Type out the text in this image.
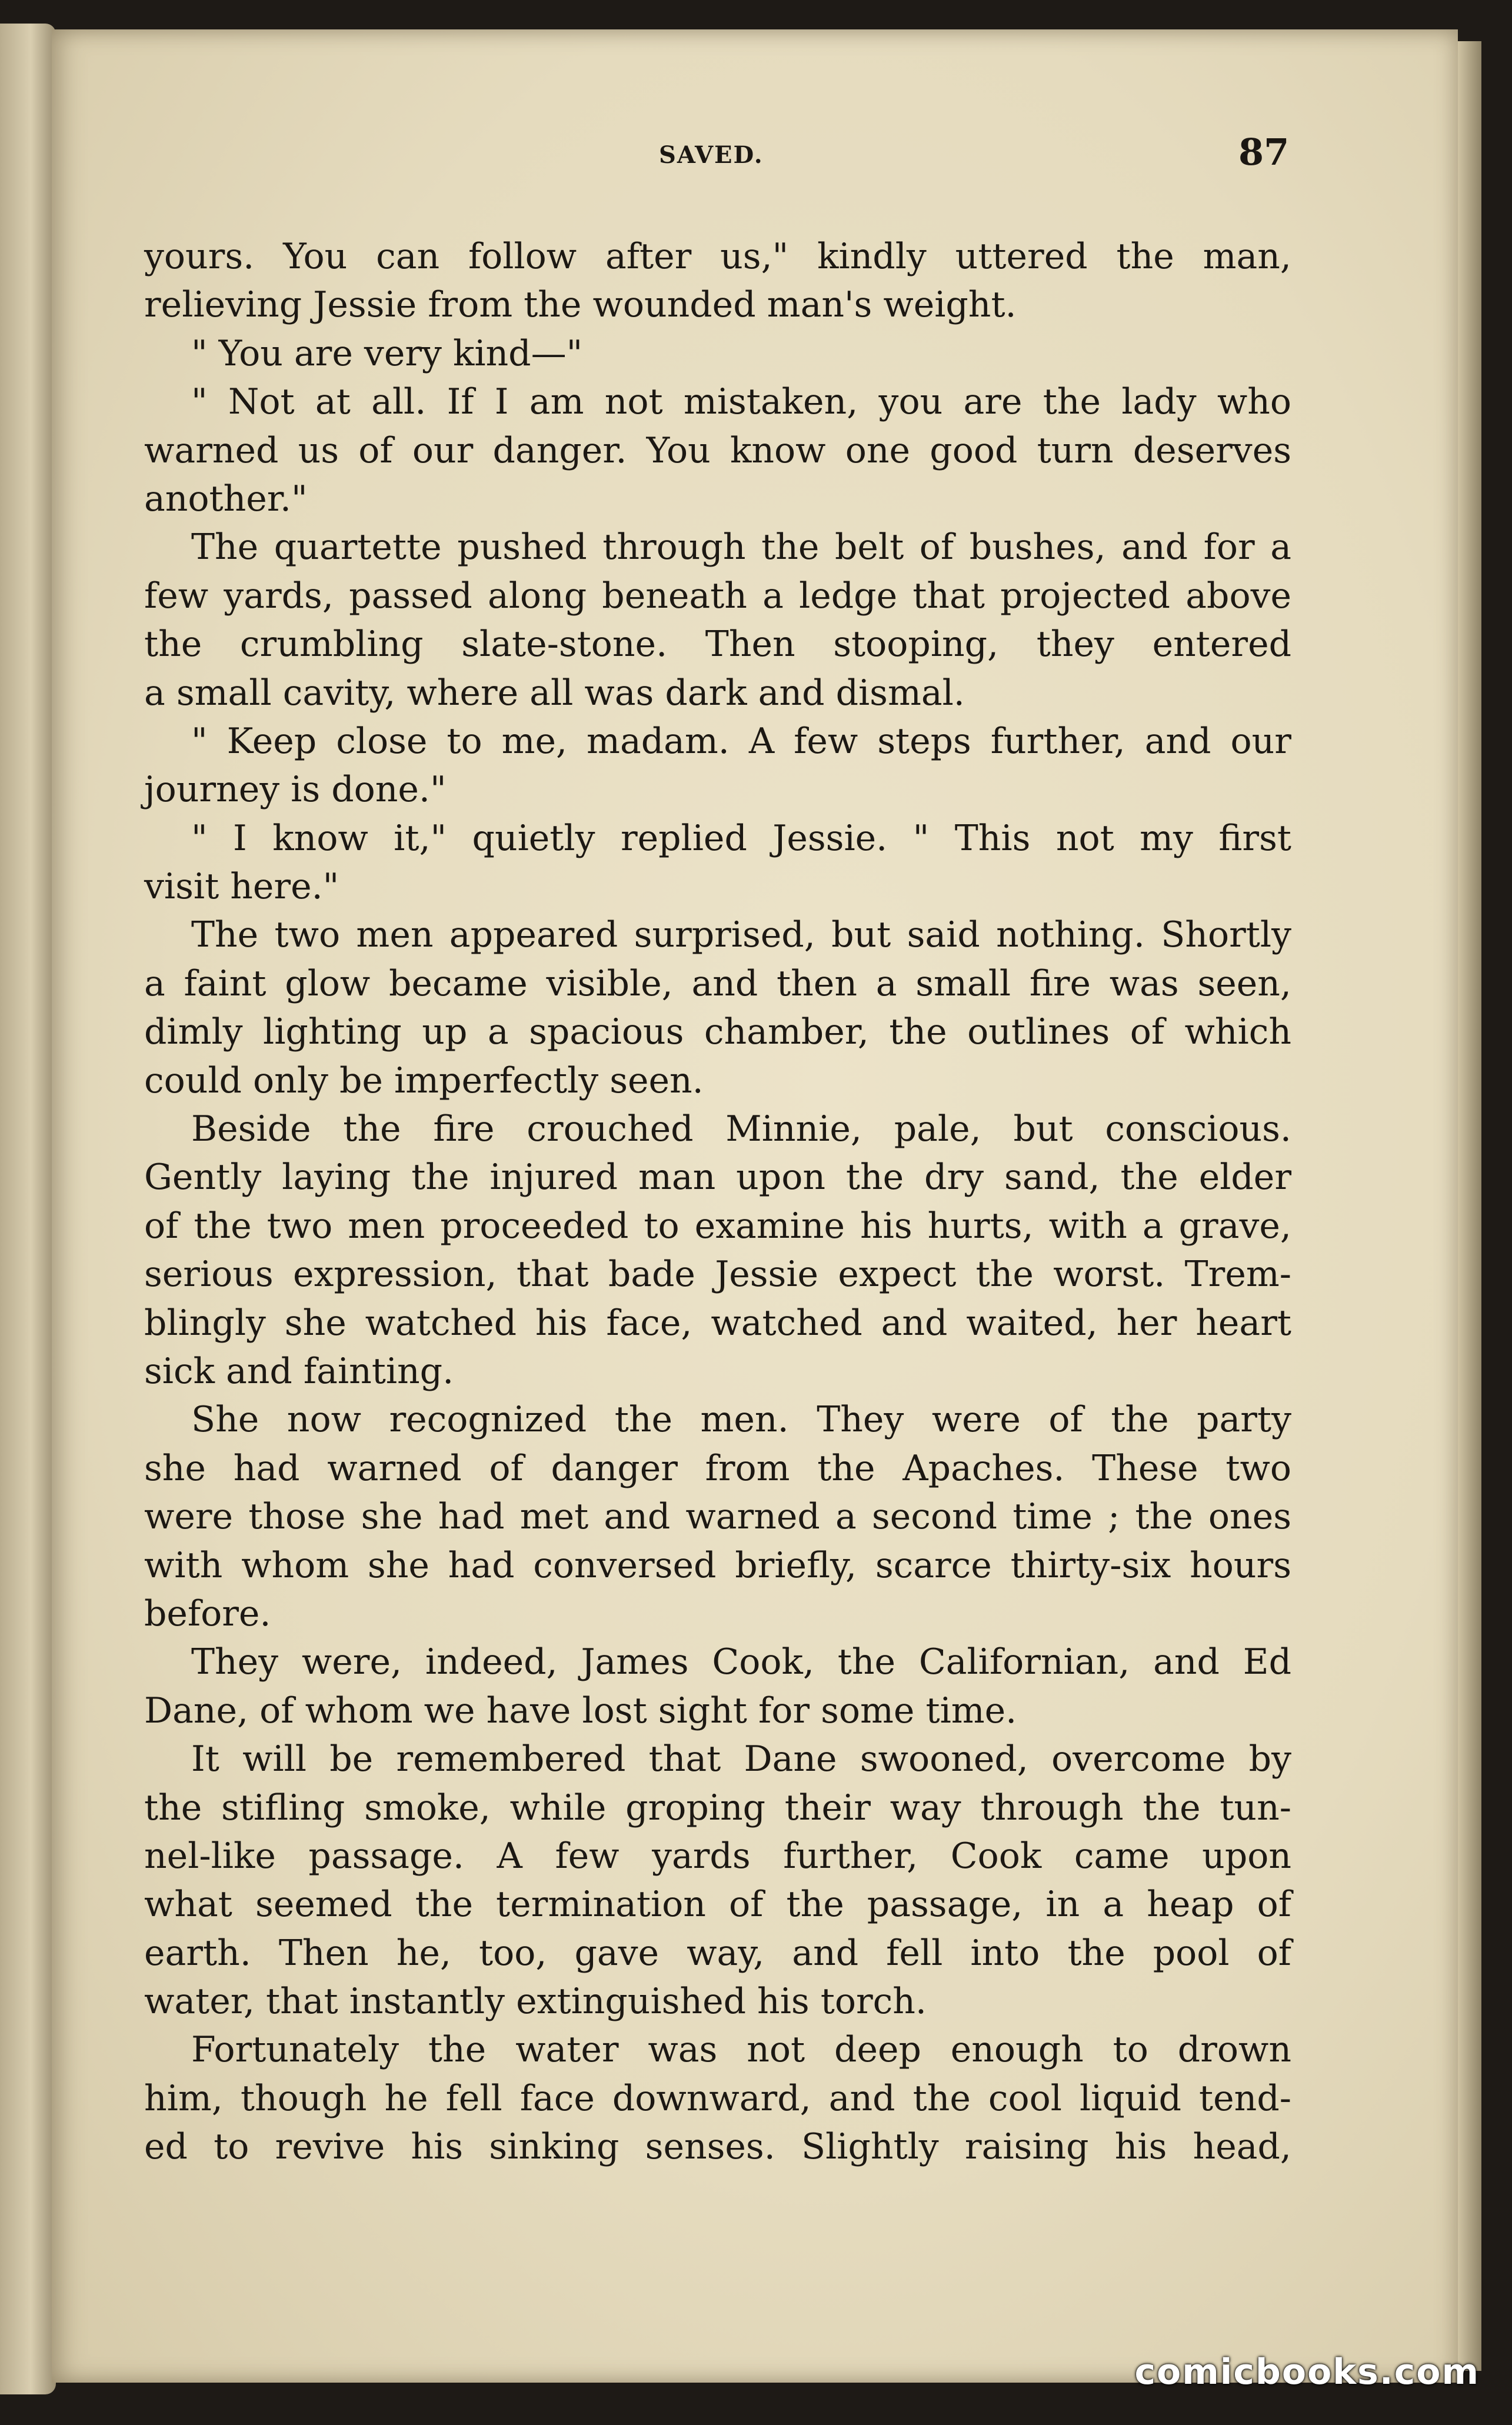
SAVED.	87
yours. You can follow after us," kindly uttered the man,
relieving Jessie from the wounded man's weight.
" You are very kind—"
" Not at all. If I am not mistaken, you are the lady who
warned us of our danger. You know one good turn deserves
another."
The quartette pushed through the belt of bushes, and for a
few yards, passed along beneath a ledge that projected above
the crumbling slate-stone. Then stooping, they entered
a small cavity, where all was dark and dismal.
" Keep close to me, madam. A few steps further, and our
journey is done."
" I know it," quietly replied Jessie. " This not my first
visit here."
The two men appeared surprised, but said nothing. Shortly
a faint glow became visible, and then a small fire was seen,
dimly lighting up a spacious chamber, the outlines of which
could only be imperfectly seen.
Beside the fire crouched Minnie, pale, but conscious.
Gently laying the injured man upon the dry sand, the elder
of the two men proceeded to examine his hurts, with a grave,
serious expression, that bade Jessie expect the worst. Trem-
blingly she watched his face, watched and waited, her heart
sick and fainting.
She now recognized the men. They were of the party
she had warned of danger from the Apaches. These two
were those she had met and warned a second time ; the ones
with whom she had conversed briefly, scarce thirty-six hours
before.
They were, indeed, James Cook, the Californian, and Ed
Dane, of whom we have lost sight for some time.
It will be remembered that Dane swooned, overcome by
the stifling smoke, while groping their way through the tun-
nel-like passage. A few yards further, Cook came upon
what seemed the termination of the passage, in a heap of
earth. Then he, too, gave way, and fell into the pool of
water, that instantly extinguished his torch.
Fortunately the water was not deep enough to drown
him, though he fell face downward, and the cool liquid tend-
ed to revive his sinking senses. Slightly raising his head,
comicbooks.com
